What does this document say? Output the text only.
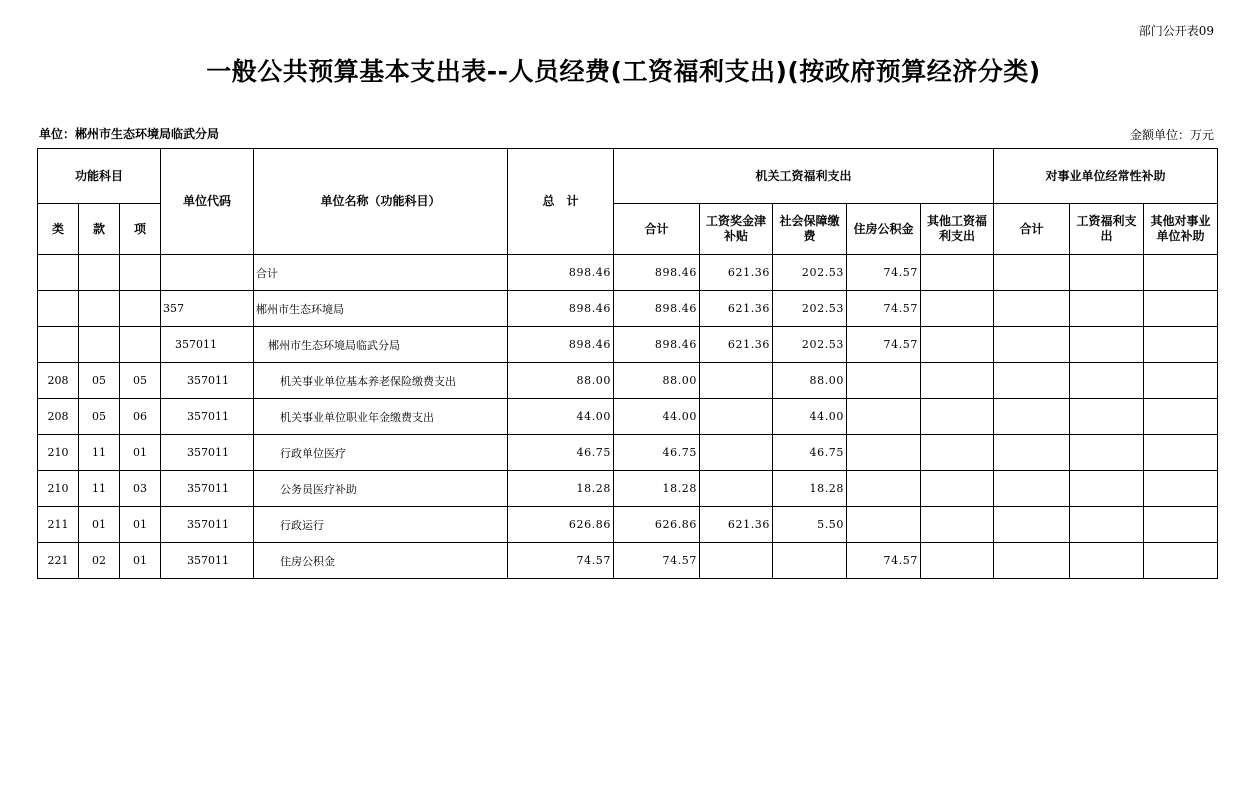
部门公开表09
一般公共预算基本支出表--人员经费(工资福利支出)(按政府预算经济分类)
单位：郴州市生态环境局临武分局	金额单位：万元
功能科目			单位代码	单位名称（功能科目）	总　计	机关工资福利支出					对事业单位经常性补助		
类	款	项				合计	工资奖金津补贴	社会保障缴费	住房公积金	其他工资福利支出	合计	工资福利支出	其他对事业单位补助
				合计	898.46	898.46	621.36	202.53	74.57				
			357	郴州市生态环境局	898.46	898.46	621.36	202.53	74.57				
			357011	郴州市生态环境局临武分局	898.46	898.46	621.36	202.53	74.57				
208	05	05	357011	机关事业单位基本养老保险缴费支出	88.00	88.00		88.00					
208	05	06	357011	机关事业单位职业年金缴费支出	44.00	44.00		44.00					
210	11	01	357011	行政单位医疗	46.75	46.75		46.75					
210	11	03	357011	公务员医疗补助	18.28	18.28		18.28					
211	01	01	357011	行政运行	626.86	626.86	621.36	5.50					
221	02	01	357011	住房公积金	74.57	74.57			74.57				
